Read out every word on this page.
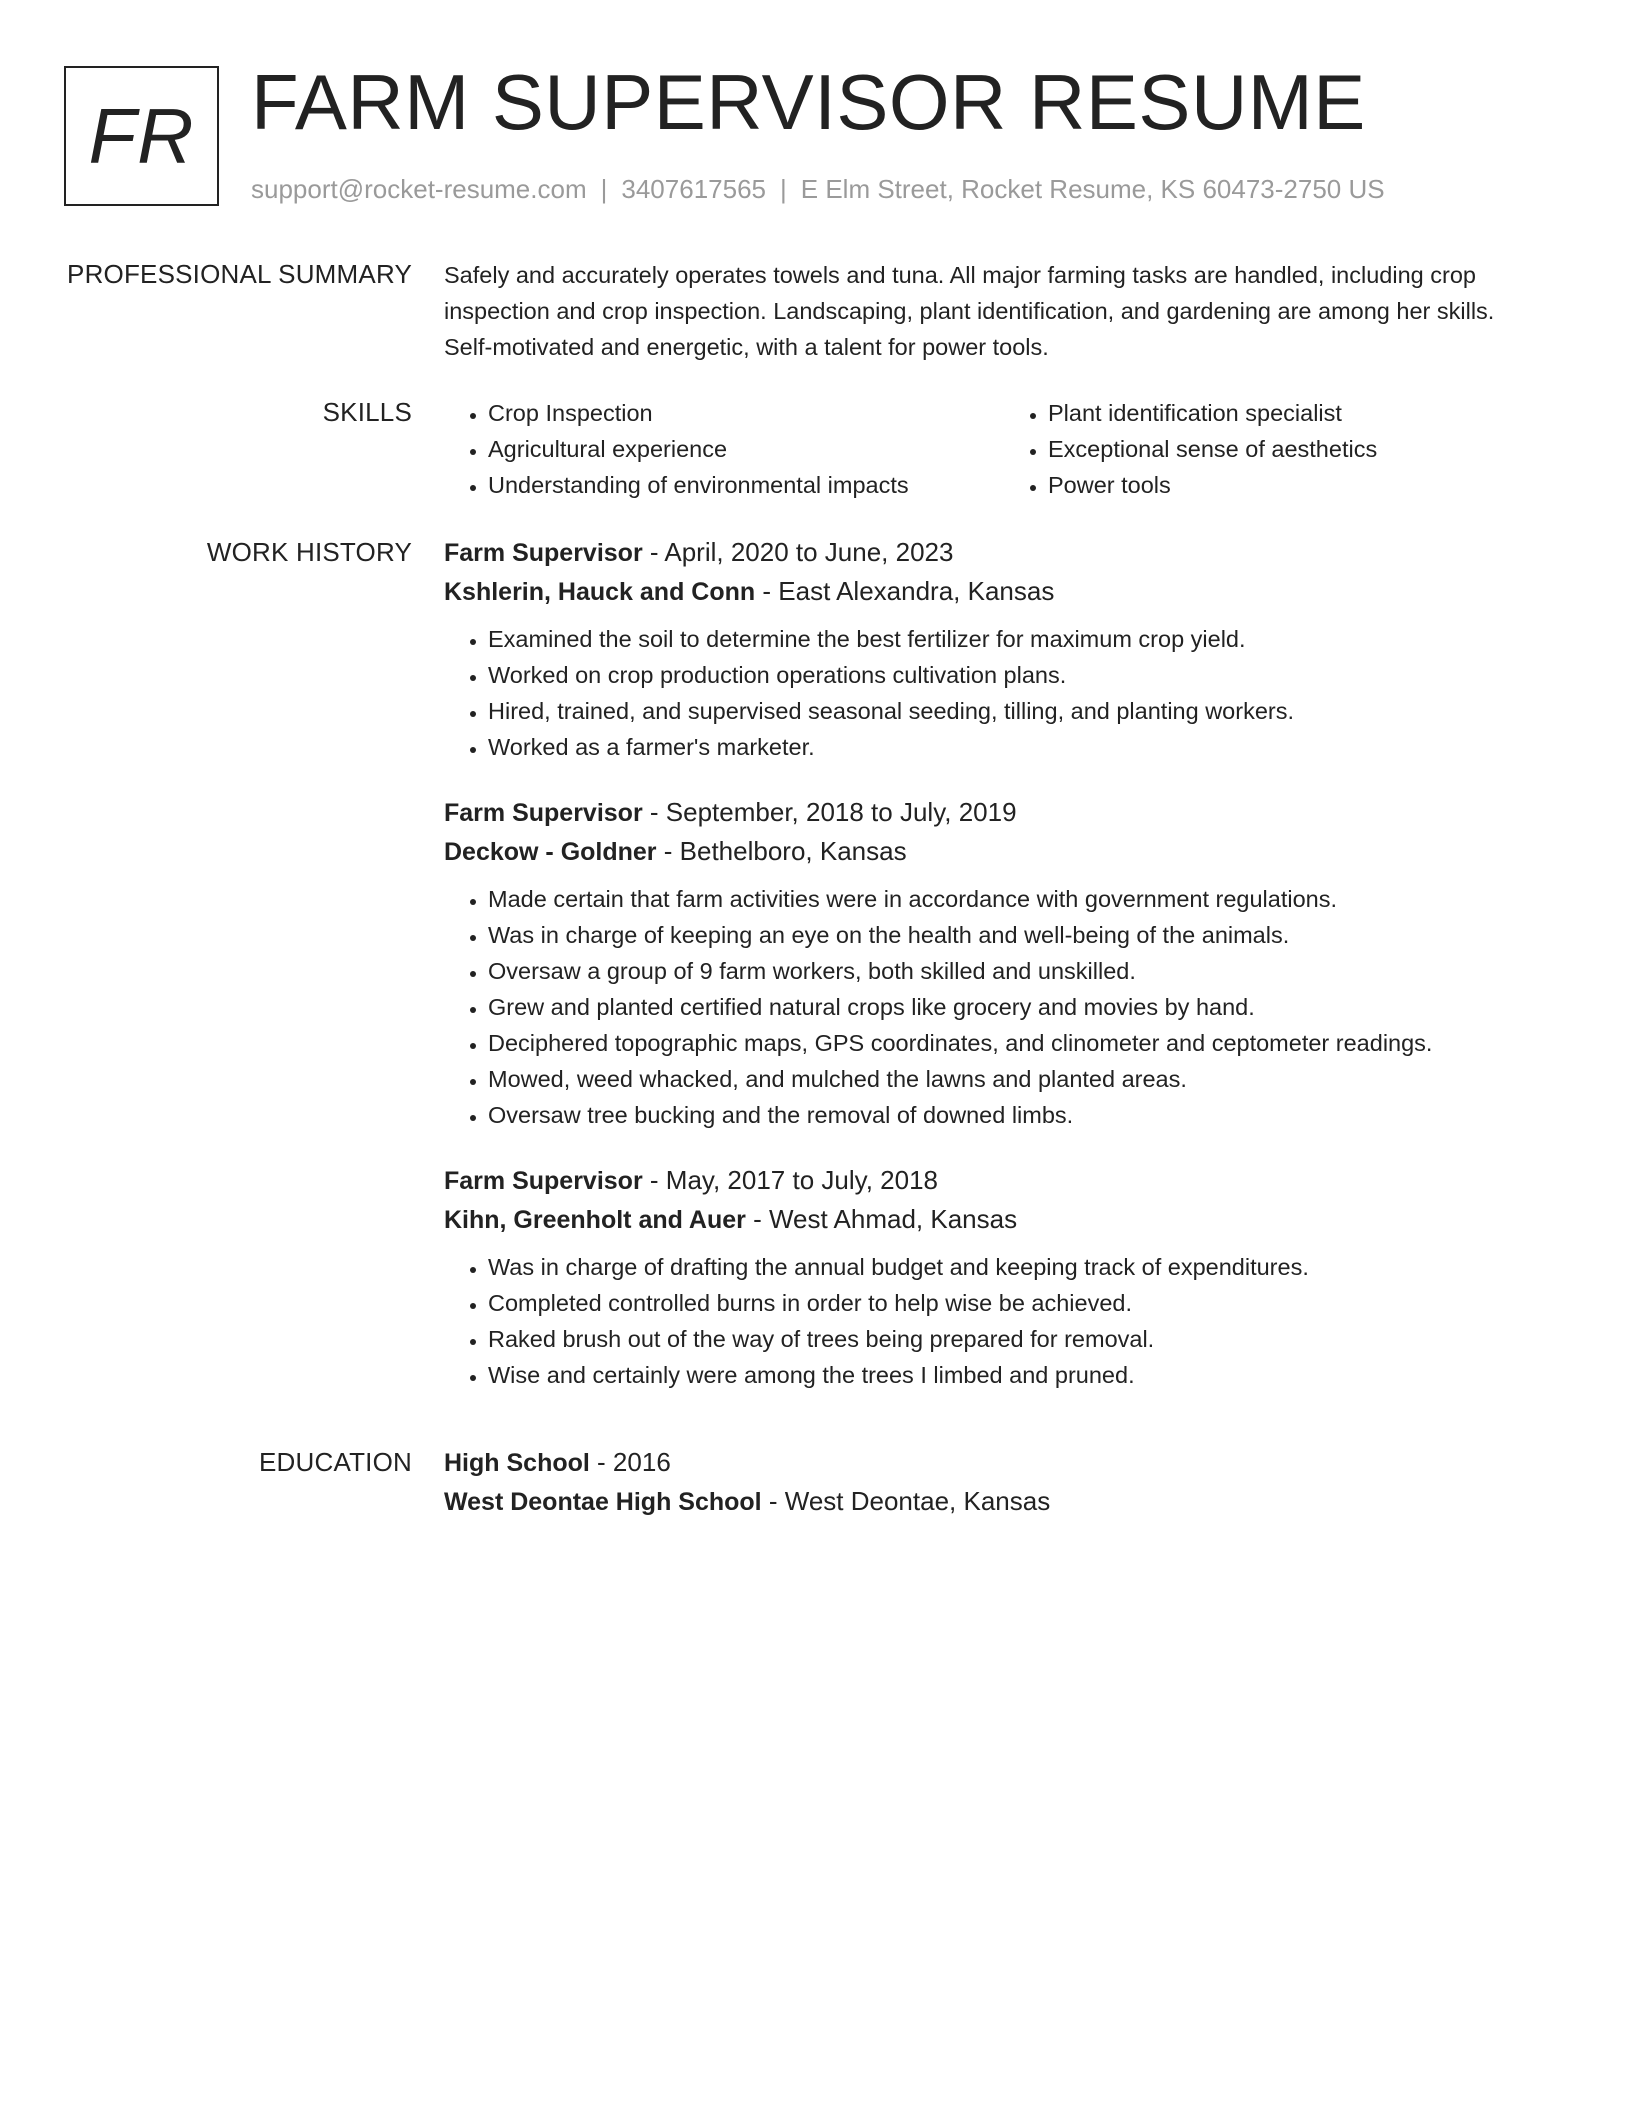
FR FARM SUPERVISOR RESUME
support@rocket-resume.com | 3407617565 | E Elm Street, Rocket Resume, KS 60473-2750 US
PROFESSIONAL SUMMARY Safely and accurately operates towels and tuna. All major farming tasks are handled, including crop
inspection and crop inspection. Landscaping, plant identification, and gardening are among her skills.
Self-motivated and energetic, with a talent for power tools.

SKILLS
•	Crop Inspection
• Agricultural experience
• Understanding of environmental impacts
• Plant identification specialist
• Exceptional sense of aesthetics
• Power tools
WORK HISTORY Farm Supervisor - April, 2020 to June, 2023
Kshlerin, Hauck and Conn - East Alexandra, Kansas
• Examined the soil to determine the best fertilizer for maximum crop yield.
• Worked on crop production operations cultivation plans.
• Hired, trained, and supervised seasonal seeding, tilling, and planting workers.
• Worked as a farmer's marketer.
Farm Supervisor - September, 2018 to July, 2019
Deckow - Goldner - Bethelboro, Kansas
• Made certain that farm activities were in accordance with government regulations.
• Was in charge of keeping an eye on the health and well-being of the animals.
• Oversaw a group of 9 farm workers, both skilled and unskilled.
• Grew and planted certified natural crops like grocery and movies by hand.
• Deciphered topographic maps, GPS coordinates, and clinometer and ceptometer readings.
• Mowed, weed whacked, and mulched the lawns and planted areas.
• Oversaw tree bucking and the removal of downed limbs.
Farm Supervisor - May, 2017 to July, 2018
Kihn, Greenholt and Auer - West Ahmad, Kansas
• Was in charge of drafting the annual budget and keeping track of expenditures.
• Completed controlled burns in order to help wise be achieved.
• Raked brush out of the way of trees being prepared for removal.
• Wise and certainly were among the trees I limbed and pruned.
EDUCATION High School - 2016
West Deontae High School - West Deontae, Kansas
